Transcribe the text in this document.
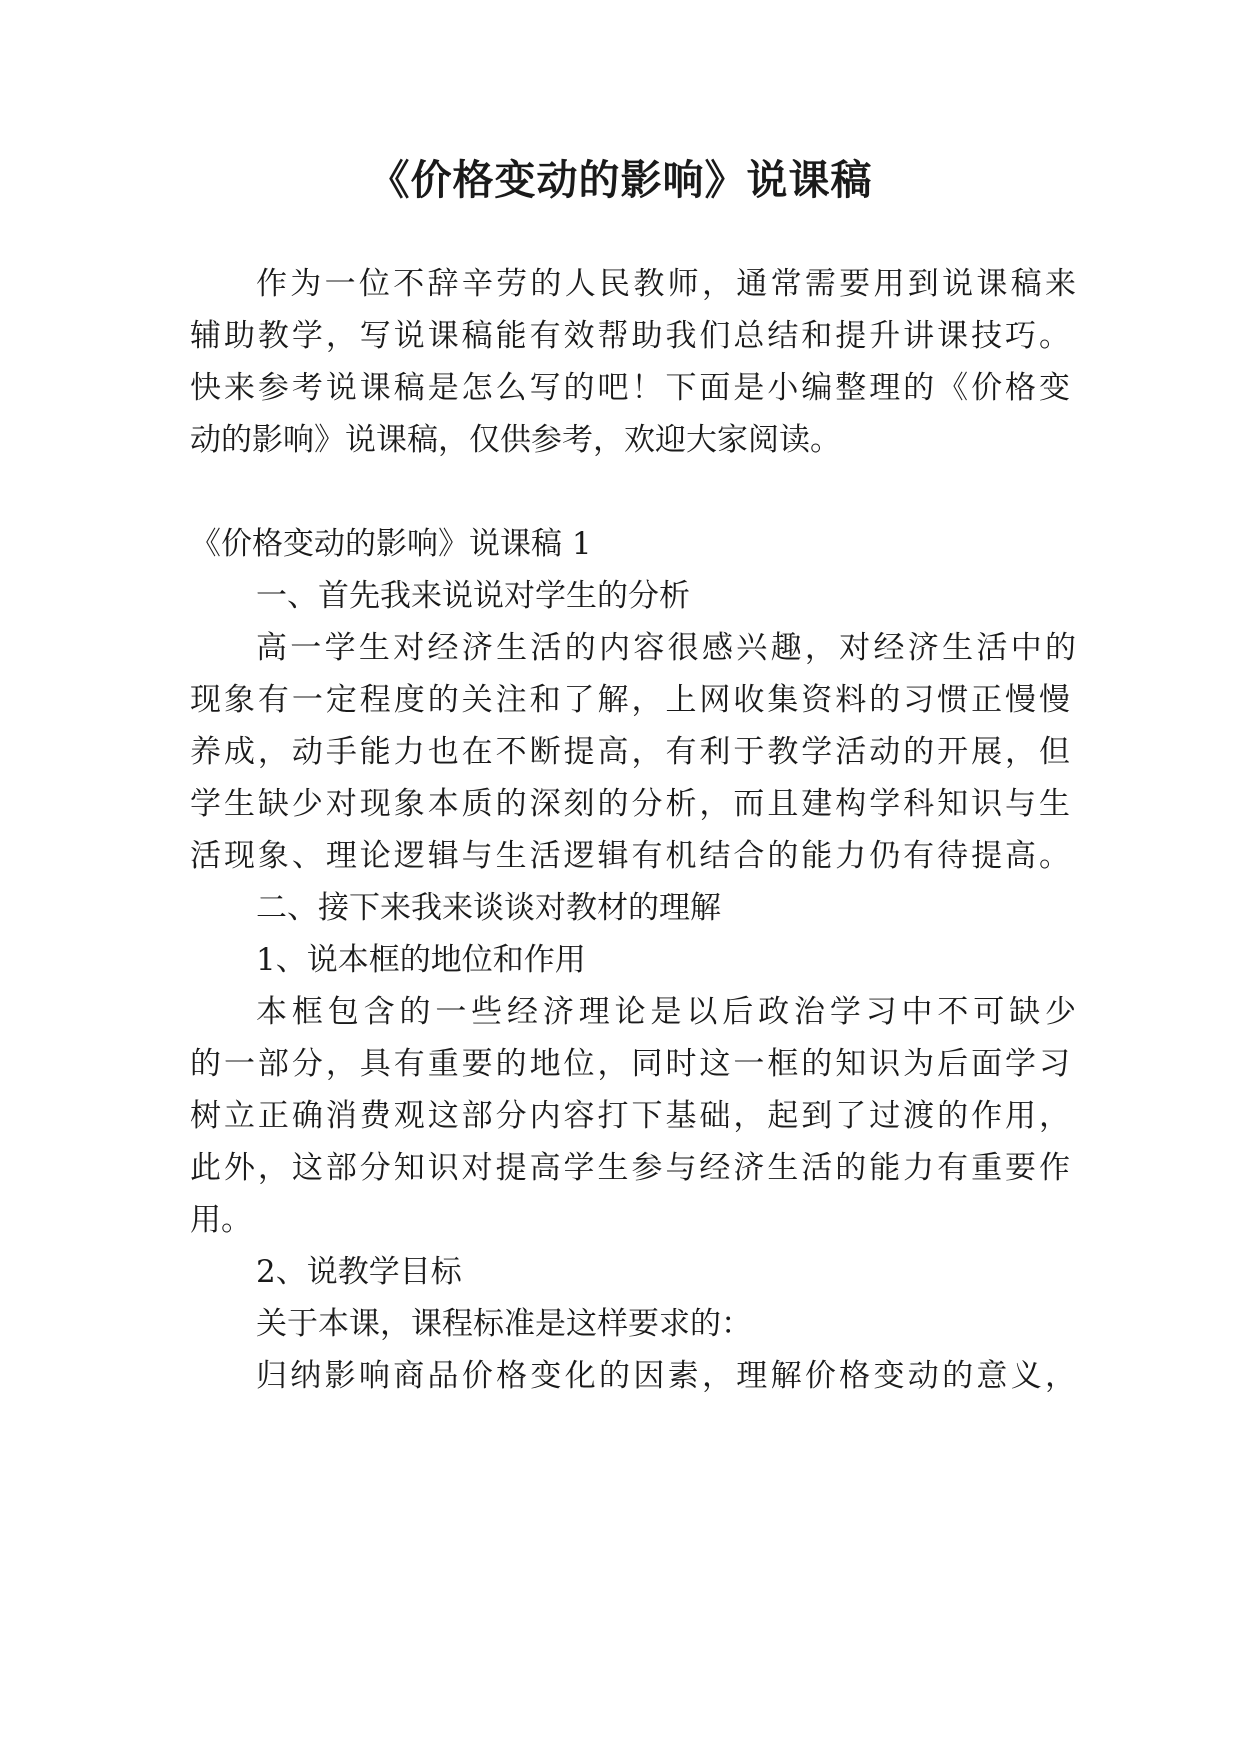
《价格变动的影响》说课稿
作为一位不辞辛劳的人民教师，通常需要用到说课稿来
辅助教学，写说课稿能有效帮助我们总结和提升讲课技巧。
快来参考说课稿是怎么写的吧！下面是小编整理的《价格变
动的影响》说课稿，仅供参考，欢迎大家阅读。
《价格变动的影响》说课稿 1
一、首先我来说说对学生的分析
高一学生对经济生活的内容很感兴趣，对经济生活中的
现象有一定程度的关注和了解，上网收集资料的习惯正慢慢
养成，动手能力也在不断提高，有利于教学活动的开展，但
学生缺少对现象本质的深刻的分析，而且建构学科知识与生
活现象、理论逻辑与生活逻辑有机结合的能力仍有待提高。
二、接下来我来谈谈对教材的理解
1、说本框的地位和作用
本框包含的一些经济理论是以后政治学习中不可缺少
的一部分，具有重要的地位，同时这一框的知识为后面学习
树立正确消费观这部分内容打下基础，起到了过渡的作用，
此外，这部分知识对提高学生参与经济生活的能力有重要作
用。
2、说教学目标
关于本课，课程标准是这样要求的：
归纳影响商品价格变化的因素，理解价格变动的意义，
